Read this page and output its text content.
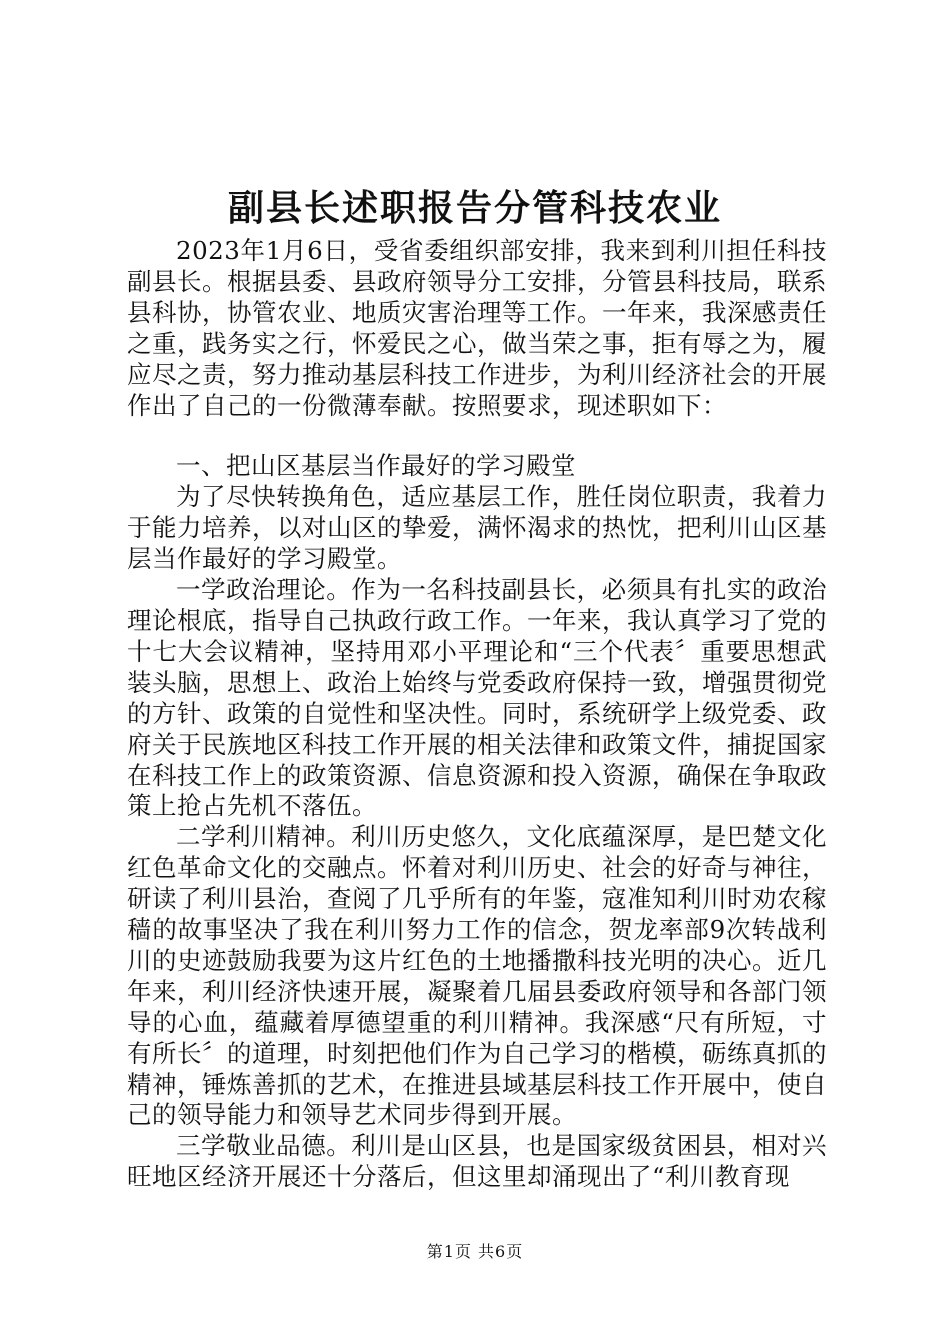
副县长述职报告分管科技农业

2023年1月6日，受省委组织部安排，我来到利川担任科技副县长。根据县委、县政府领导分工安排，分管县科技局，联系县科协，协管农业、地质灾害治理等工作。一年来，我深感责任之重，践务实之行，怀爱民之心，做当荣之事，拒有辱之为，履应尽之责，努力推动基层科技工作进步，为利川经济社会的开展作出了自己的一份微薄奉献。按照要求，现述职如下：

一、把山区基层当作最好的学习殿堂

为了尽快转换角色，适应基层工作，胜任岗位职责，我着力于能力培养，以对山区的挚爱，满怀渴求的热忱，把利川山区基层当作最好的学习殿堂。

一学政治理论。作为一名科技副县长，必须具有扎实的政治理论根底，指导自己执政行政工作。一年来，我认真学习了党的十七大会议精神，坚持用邓小平理论和“三个代表〞重要思想武装头脑，思想上、政治上始终与党委政府保持一致，增强贯彻党的方针、政策的自觉性和坚决性。同时，系统研学上级党委、政府关于民族地区科技工作开展的相关法律和政策文件，捕捉国家在科技工作上的政策资源、信息资源和投入资源，确保在争取政策上抢占先机不落伍。

二学利川精神。利川历史悠久，文化底蕴深厚，是巴楚文化红色革命文化的交融点。怀着对利川历史、社会的好奇与神往，研读了利川县治，查阅了几乎所有的年鉴，寇准知利川时劝农稼穑的故事坚决了我在利川努力工作的信念，贺龙率部9次转战利川的史迹鼓励我要为这片红色的土地播撒科技光明的决心。近几年来，利川经济快速开展，凝聚着几届县委政府领导和各部门领导的心血，蕴藏着厚德望重的利川精神。我深感“尺有所短，寸有所长〞的道理，时刻把他们作为自己学习的楷模，砺练真抓的精神，锤炼善抓的艺术，在推进县域基层科技工作开展中，使自己的领导能力和领导艺术同步得到开展。

三学敬业品德。利川是山区县，也是国家级贫困县，相对兴旺地区经济开展还十分落后，但这里却涌现出了“利川教育现

第1页 共6页
